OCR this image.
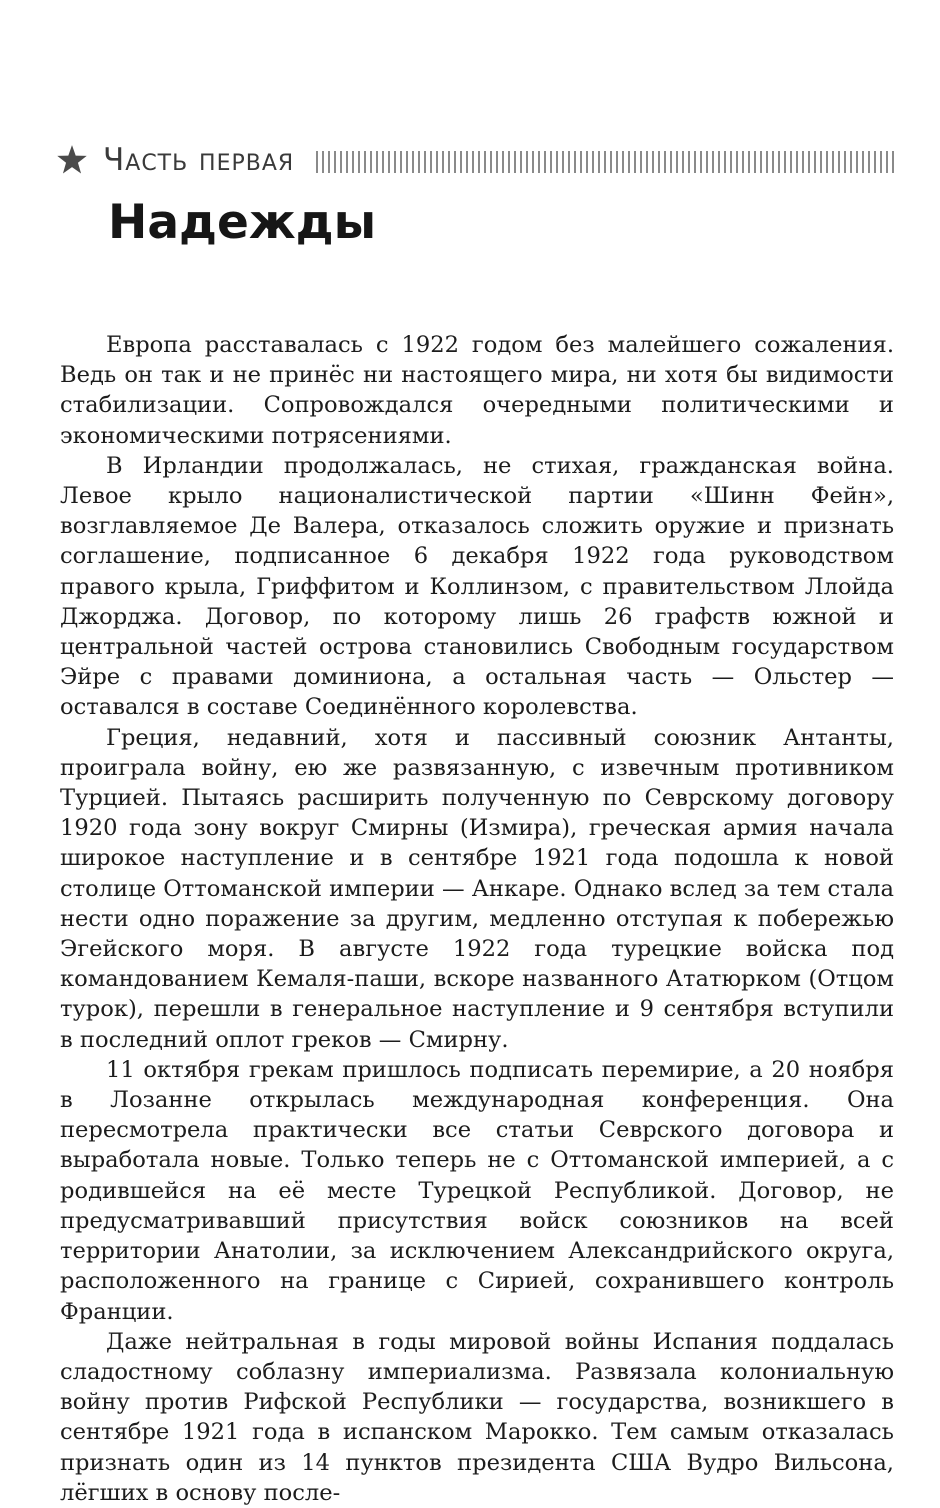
Часть первая
Надежды

Европа расставалась с 1922 годом без малейшего сожаления. Ведь он так и не принёс ни настоящего мира, ни хотя бы видимости стабилизации. Сопровождался очередными политическими и экономическими потрясениями.

В Ирландии продолжалась, не стихая, гражданская война. Левое крыло националистической партии «Шинн Фейн», возглавляемое Де Валера, отказалось сложить оружие и признать соглашение, подписанное 6 декабря 1922 года руководством правого крыла, Гриффитом и Коллинзом, с правительством Ллойда Джорджа. Договор, по которому лишь 26 графств южной и центральной частей острова становились Свободным государством Эйре с правами доминиона, а остальная часть — Ольстер — оставался в составе Соединённого королевства.

Греция, недавний, хотя и пассивный союзник Антанты, проиграла войну, ею же развязанную, с извечным противником Турцией. Пытаясь расширить полученную по Севрскому договору 1920 года зону вокруг Смирны (Измира), греческая армия начала широкое наступление и в сентябре 1921 года подошла к новой столице Оттоманской империи — Анкаре. Однако вслед за тем стала нести одно поражение за другим, медленно отступая к побережью Эгейского моря. В августе 1922 года турецкие войска под командованием Кемаля-паши, вскоре названного Ататюрком (Отцом турок), перешли в генеральное наступление и 9 сентября вступили в последний оплот греков — Смирну.

11 октября грекам пришлось подписать перемирие, а 20 ноября в Лозанне открылась международная конференция. Она пересмотрела практически все статьи Севрского договора и выработала новые. Только теперь не с Оттоманской империей, а с родившейся на её месте Турецкой Республикой. Договор, не предусматривавший присутствия войск союзников на всей территории Анатолии, за исключением Александрийского округа, расположенного на границе с Сирией, сохранившего контроль Франции.

Даже нейтральная в годы мировой войны Испания поддалась сладостному соблазну империализма. Развязала колониальную войну против Рифской Республики — государства, возникшего в сентябре 1921 года в испанском Марокко. Тем самым отказалась признать один из 14 пунктов президента США Вудро Вильсона, лёгших в основу после-
